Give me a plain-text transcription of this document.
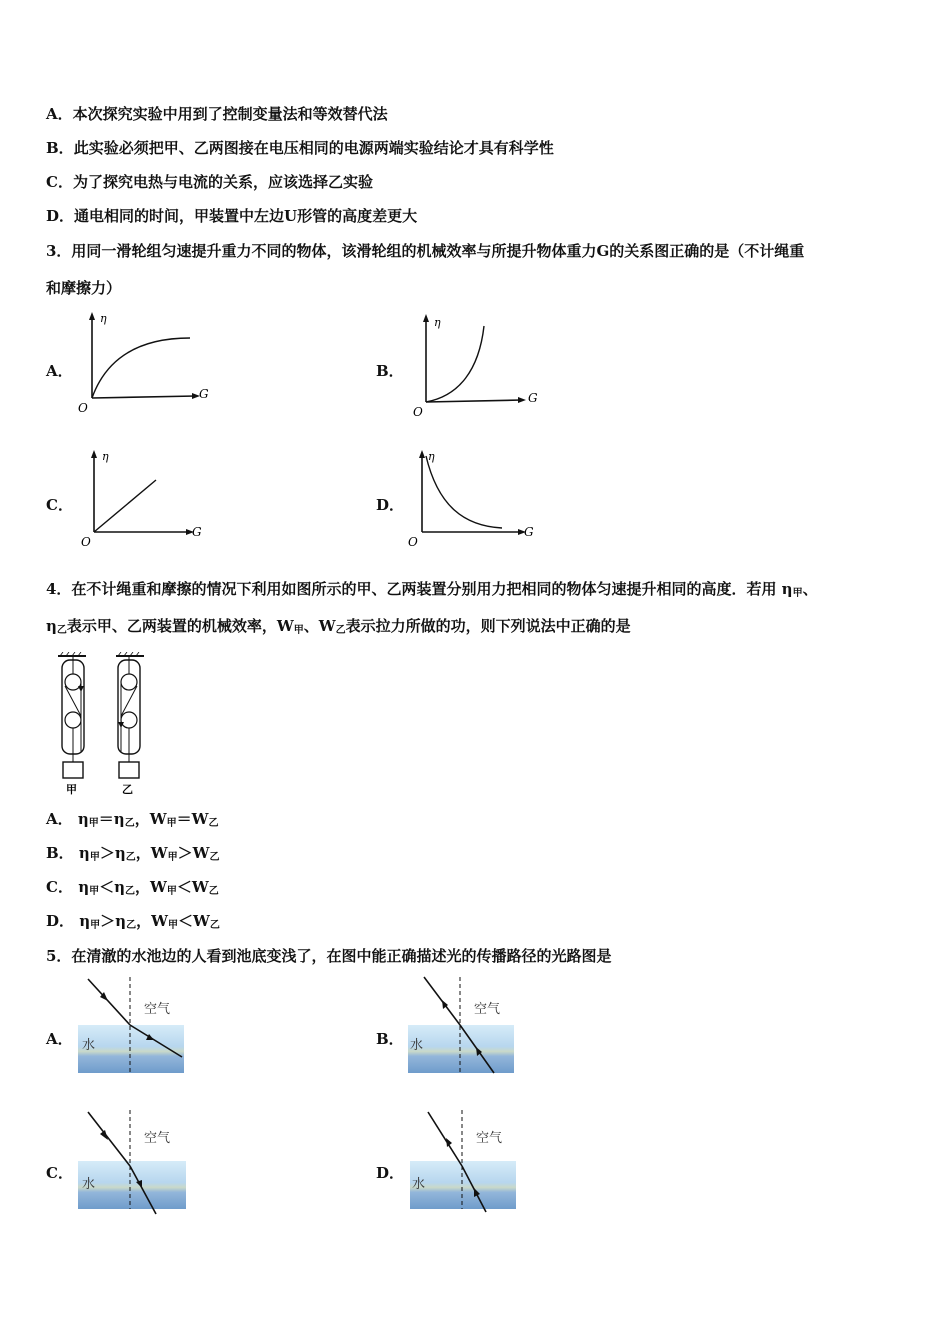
A．本次探究实验中用到了控制变量法和等效替代法
B．此实验必须把甲、乙两图接在电压相同的电源两端实验结论才具有科学性
C．为了探究电热与电流的关系，应该选择乙实验
D．通电相同的时间，甲装置中左边U形管的高度差更大
3．用同一滑轮组匀速提升重力不同的物体，该滑轮组的机械效率与所提升物体重力G的关系图正确的是（不计绳重
和摩擦力）
A．
η
G
O
B．
η
G
O
C．
η
G
O
D．
η
G
O
4．在不计绳重和摩擦的情况下利用如图所示的甲、乙两装置分别用力把相同的物体匀速提升相同的高度．若用 η甲、
η乙表示甲、乙两装置的机械效率，W甲、W乙表示拉力所做的功，则下列说法中正确的是
甲	乙
A． η甲＝η乙，W甲＝W乙
B． η甲＞η乙，W甲＞W乙
C． η甲＜η乙，W甲＜W乙
D． η甲＞η乙，W甲＜W乙
5．在清澈的水池边的人看到池底变浅了，在图中能正确描述光的传播路径的光路图是
A．
空气
水	B．
空气
水
C．
空气
水
D．
空气
水
